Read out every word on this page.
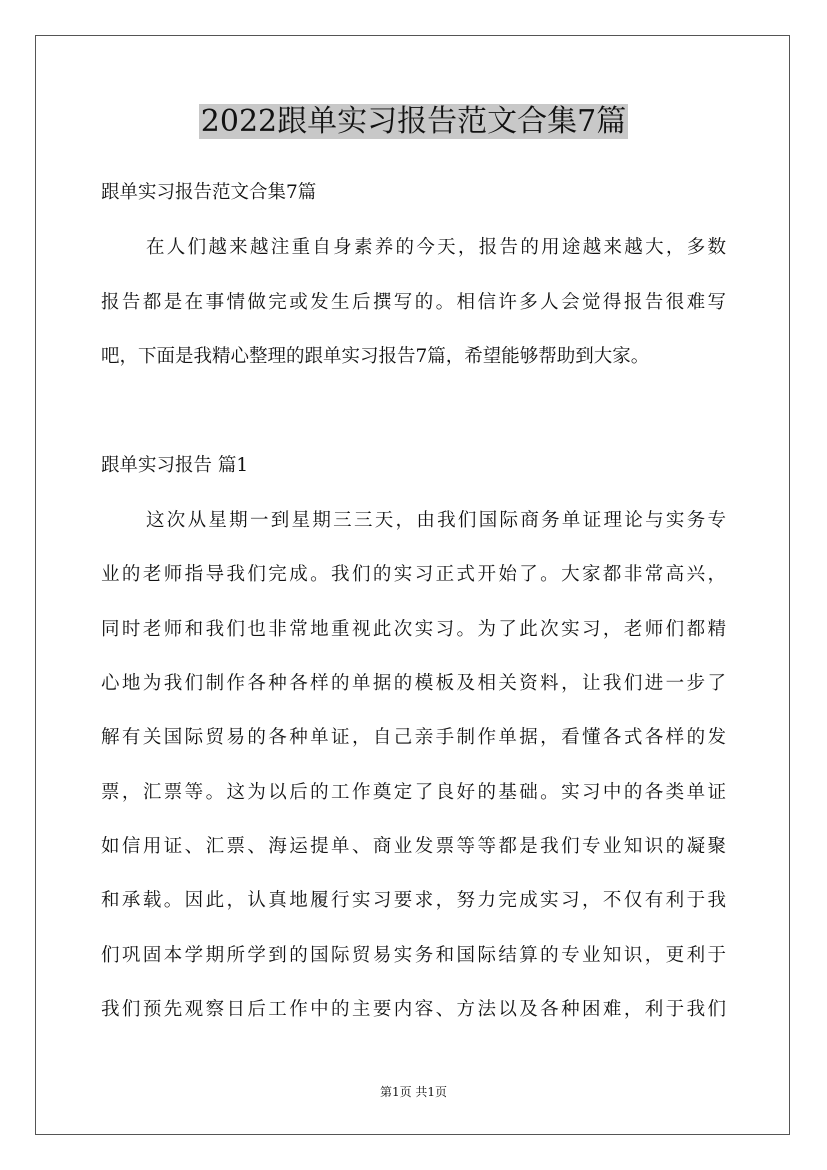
2022跟单实习报告范文合集7篇
跟单实习报告范文合集7篇
在人们越来越注重自身素养的今天，报告的用途越来越大，多数
报告都是在事情做完或发生后撰写的。相信许多人会觉得报告很难写
吧，下面是我精心整理的跟单实习报告7篇，希望能够帮助到大家。
跟单实习报告 篇1
这次从星期一到星期三三天，由我们国际商务单证理论与实务专
业的老师指导我们完成。我们的实习正式开始了。大家都非常高兴，
同时老师和我们也非常地重视此次实习。为了此次实习，老师们都精
心地为我们制作各种各样的单据的模板及相关资料，让我们进一步了
解有关国际贸易的各种单证，自己亲手制作单据，看懂各式各样的发
票，汇票等。这为以后的工作奠定了良好的基础。实习中的各类单证
如信用证、汇票、海运提单、商业发票等等都是我们专业知识的凝聚
和承载。因此，认真地履行实习要求，努力完成实习，不仅有利于我
们巩固本学期所学到的国际贸易实务和国际结算的专业知识，更利于
我们预先观察日后工作中的主要内容、方法以及各种困难，利于我们
第1页 共1页
